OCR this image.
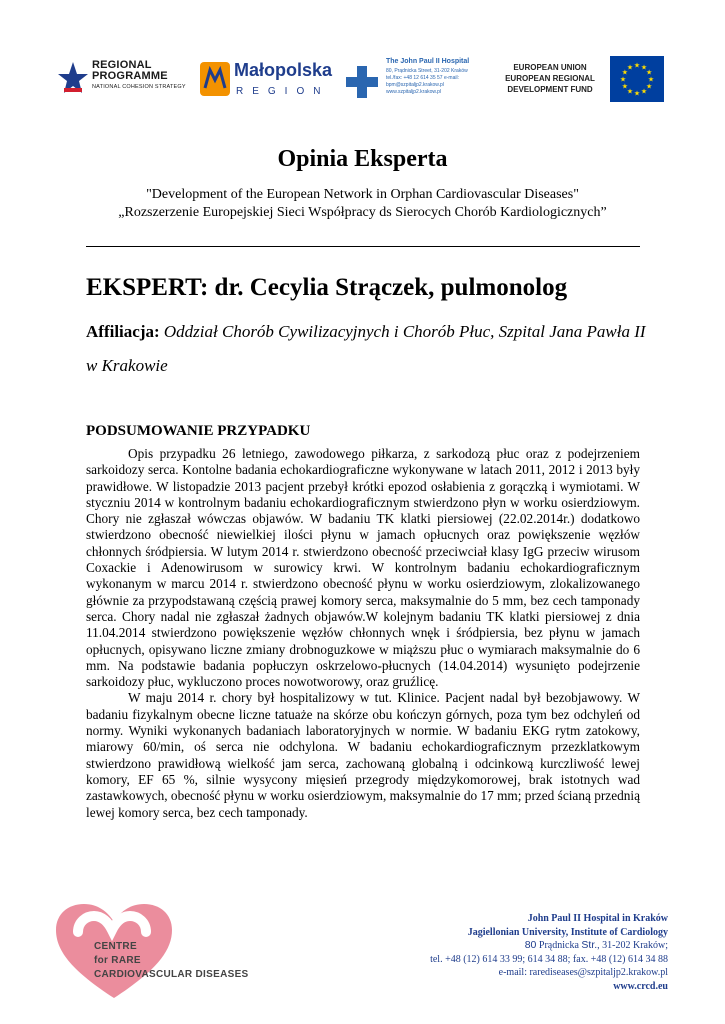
REGIONAL
PROGRAMME
NATIONAL COHESION STRATEGY
Małopolska
REGION
The John Paul II Hospital
80, Prądnicka Street, 31-202 Kraków
tel./fax: +48 12 614 35 57 e-mail:
bpm@szpitaljp2.krakow.pl
www.szpitaljp2.krakow.pl
EUROPEAN UNION
EUROPEAN REGIONAL
DEVELOPMENT FUND
★
★
★
★
★
★
★
★
★ ★ ★
★
Opinia Eksperta
"Development of the European Network in Orphan Cardiovascular Diseases"
„Rozszerzenie Europejskiej Sieci Współpracy ds Sierocych Chorób Kardiologicznych”
EKSPERT: dr. Cecylia Strączek, pulmonolog
Affiliacja: Oddział Chorób Cywilizacyjnych i Chorób Płuc, Szpital Jana Pawła II w Krakowie
PODSUMOWANIE PRZYPADKU

Opis przypadku 26 letniego, zawodowego piłkarza, z sarkodozą płuc oraz z podejrzeniem sarkoidozy serca. Kontolne badania echokardiograficzne wykonywane w latach 2011, 2012 i 2013 były prawidłowe. W listopadzie 2013 pacjent przebył krótki epozod osłabienia z gorączką i wymiotami. W styczniu 2014 w kontrolnym badaniu echokardiograficznym stwierdzono płyn w worku osierdziowym. Chory nie zgłaszał wówczas objawów. W badaniu TK klatki piersiowej (22.02.2014r.) dodatkowo stwierdzono obecność niewielkiej ilości płynu w jamach opłucnych oraz powiększenie węzłów chłonnych śródpiersia. W lutym 2014 r. stwierdzono obecność przeciwciał klasy IgG przeciw wirusom Coxackie i Adenowirusom w surowicy krwi. W kontrolnym badaniu echokardiograficznym wykonanym w marcu 2014 r. stwierdzono obecność płynu w worku osierdziowym, zlokalizowanego głównie za przypodstawaną częścią prawej komory serca, maksymalnie do 5 mm, bez cech tamponady serca. Chory nadal nie zgłaszał żadnych objawów.W kolejnym badaniu TK klatki piersiowej z dnia 11.04.2014 stwierdzono powiększenie węzłów chłonnych wnęk i śródpiersia, bez płynu w jamach opłucnych, opisywano liczne zmiany drobnoguzkowe w miąższu płuc o wymiarach maksymalnie do 6 mm. Na podstawie badania popłuczyn oskrzelowo-płucnych (14.04.2014) wysunięto podejrzenie sarkoidozy płuc, wykluczono proces nowotworowy, oraz gruźlicę.

W maju 2014 r. chory był hospitalizowy w tut. Klinice. Pacjent nadal był bezobjawowy. W badaniu fizykalnym obecne liczne tatuaże na skórze obu kończyn górnych, poza tym bez odchyleń od normy. Wyniki wykonanych badaniach laboratoryjnych w normie. W badaniu EKG rytm zatokowy, miarowy 60/min, oś serca nie odchylona. W badaniu echokardiograficznym przezklatkowym stwierdzono prawidłową wielkość jam serca, zachowaną globalną i odcinkową kurczliwość lewej komory, EF 65 %, silnie wysycony mięsień przegrody międzykomorowej, brak istotnych wad zastawkowych, obecność płynu w worku osierdziowym, maksymalnie do 17 mm; przed ścianą przednią lewej komory serca, bez cech tamponady.

CENTRE
for RARE
CARDIOVASCULAR DISEASES
John Paul II Hospital in Kraków
Jagiellonian University, Institute of Cardiology
80 Prądnicka Str., 31-202 Kraków;
tel. +48 (12) 614 33 99; 614 34 88; fax. +48 (12) 614 34 88
e-mail: rarediseases@szpitaljp2.krakow.pl
www.crcd.eu
